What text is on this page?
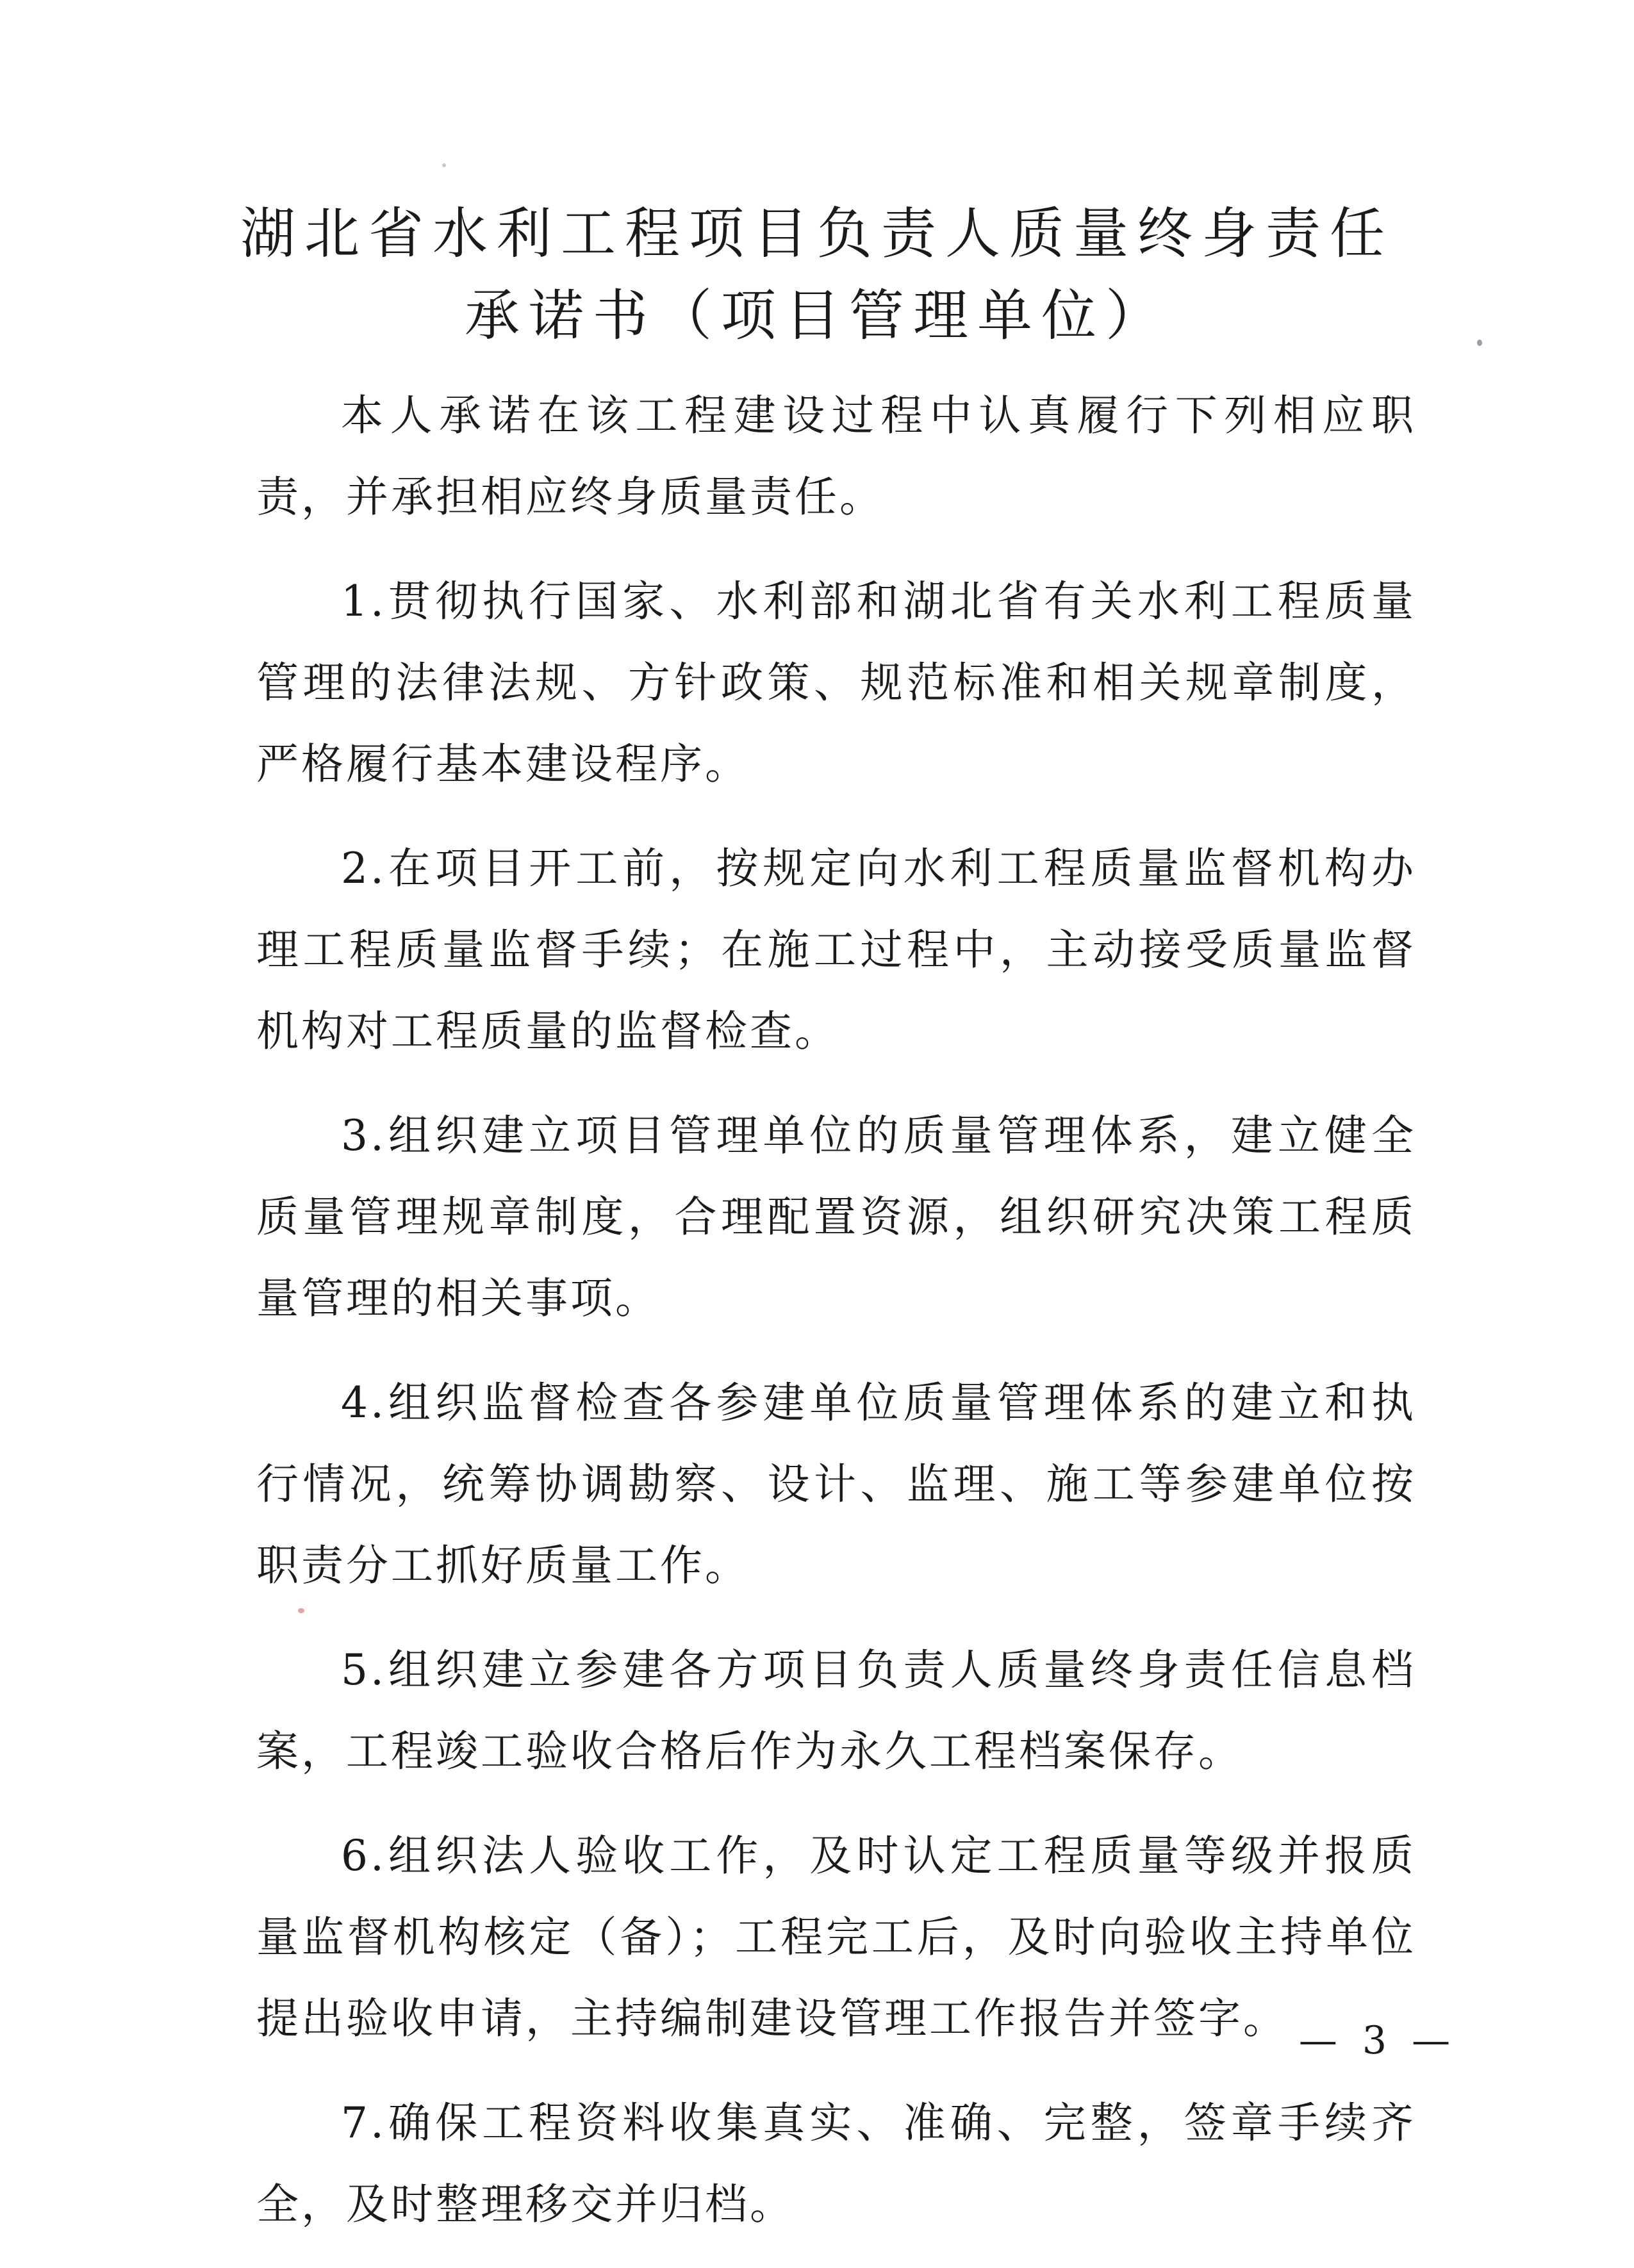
湖北省水利工程项目负责人质量终身责任
承诺书（项目管理单位）

本人承诺在该工程建设过程中认真履行下列相应职责，并承担相应终身质量责任。

1.贯彻执行国家、水利部和湖北省有关水利工程质量管理的法律法规、方针政策、规范标准和相关规章制度，严格履行基本建设程序。

2.在项目开工前，按规定向水利工程质量监督机构办理工程质量监督手续；在施工过程中，主动接受质量监督机构对工程质量的监督检查。

3.组织建立项目管理单位的质量管理体系，建立健全质量管理规章制度，合理配置资源，组织研究决策工程质量管理的相关事项。

4.组织监督检查各参建单位质量管理体系的建立和执行情况，统筹协调勘察、设计、监理、施工等参建单位按职责分工抓好质量工作。

5.组织建立参建各方项目负责人质量终身责任信息档案，工程竣工验收合格后作为永久工程档案保存。

6.组织法人验收工作，及时认定工程质量等级并报质量监督机构核定（备）；工程完工后，及时向验收主持单位提出验收申请，主持编制建设管理工作报告并签字。

7.确保工程资料收集真实、准确、完整，签章手续齐全，及时整理移交并归档。

— 3 —
